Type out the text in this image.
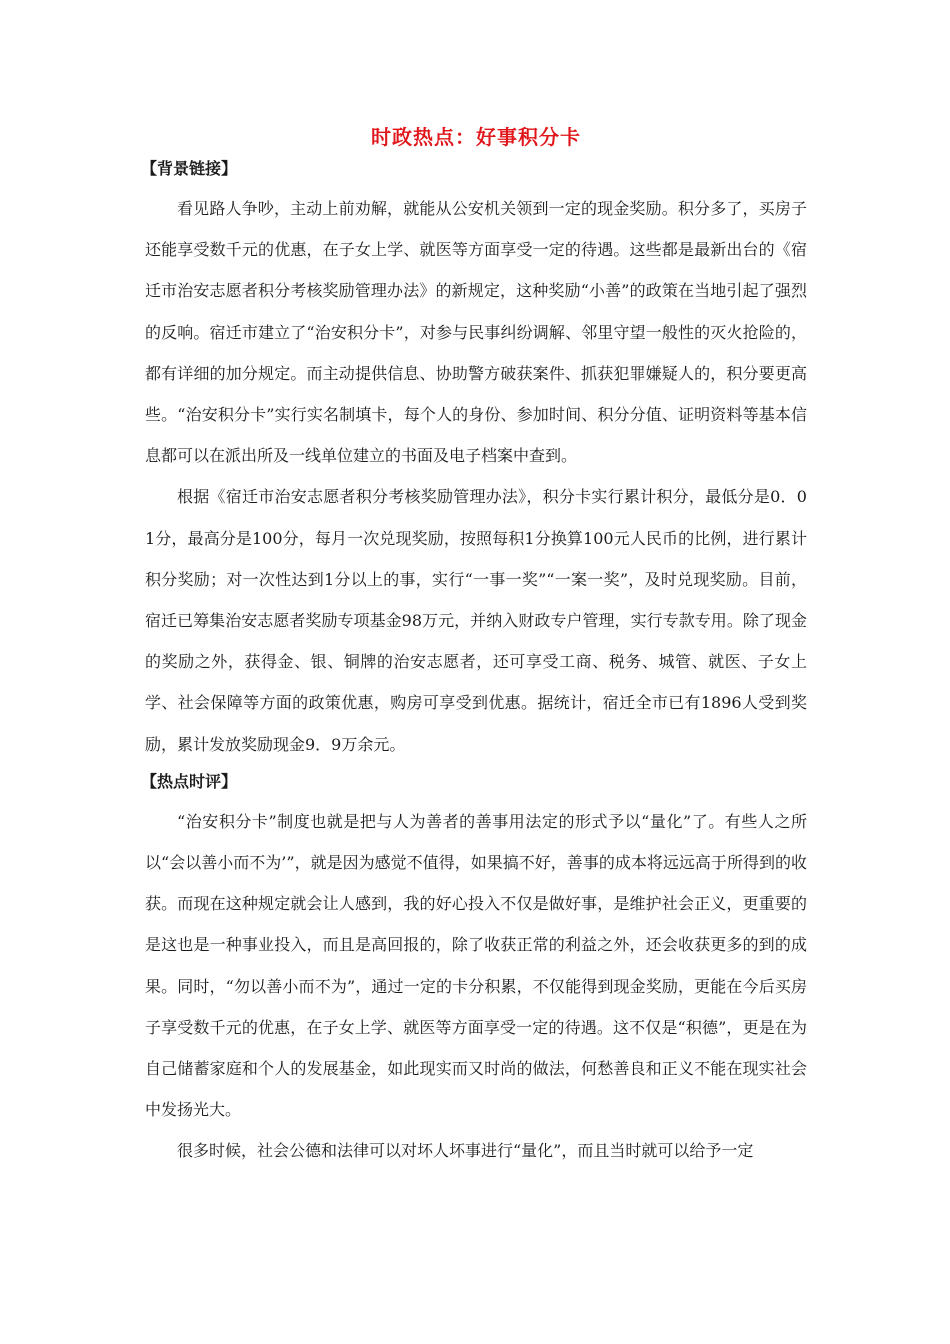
时政热点：好事积分卡
【背景链接】

看见路人争吵，主动上前劝解，就能从公安机关领到一定的现金奖励。积分多了，买房子还能享受数千元的优惠，在子女上学、就医等方面享受一定的待遇。这些都是最新出台的《宿迁市治安志愿者积分考核奖励管理办法》的新规定，这种奖励“小善”的政策在当地引起了强烈的反响。宿迁市建立了“治安积分卡”，对参与民事纠纷调解、邻里守望一般性的灭火抢险的，都有详细的加分规定。而主动提供信息、协助警方破获案件、抓获犯罪嫌疑人的，积分要更高些。“治安积分卡”实行实名制填卡，每个人的身份、参加时间、积分分值、证明资料等基本信息都可以在派出所及一线单位建立的书面及电子档案中查到。

根据《宿迁市治安志愿者积分考核奖励管理办法》，积分卡实行累计积分，最低分是0．01分，最高分是100分，每月一次兑现奖励，按照每积1分换算100元人民币的比例，进行累计积分奖励；对一次性达到1分以上的事，实行“一事一奖”“一案一奖”，及时兑现奖励。目前，宿迁已筹集治安志愿者奖励专项基金98万元，并纳入财政专户管理，实行专款专用。除了现金的奖励之外，获得金、银、铜牌的治安志愿者，还可享受工商、税务、城管、就医、子女上学、社会保障等方面的政策优惠，购房可享受到优惠。据统计，宿迁全市已有1896人受到奖励，累计发放奖励现金9．9万余元。

【热点时评】

“治安积分卡”制度也就是把与人为善者的善事用法定的形式予以“量化”了。有些人之所以“会以善小而不为’”，就是因为感觉不值得，如果搞不好，善事的成本将远远高于所得到的收获。而现在这种规定就会让人感到，我的好心投入不仅是做好事，是维护社会正义，更重要的是这也是一种事业投入，而且是高回报的，除了收获正常的利益之外，还会收获更多的到的成果。同时，“勿以善小而不为”，通过一定的卡分积累，不仅能得到现金奖励，更能在今后买房子享受数千元的优惠，在子女上学、就医等方面享受一定的待遇。这不仅是“积德”，更是在为自己储蓄家庭和个人的发展基金，如此现实而又时尚的做法，何愁善良和正义不能在现实社会中发扬光大。

很多时候，社会公德和法律可以对坏人坏事进行“量化”，而且当时就可以给予一定
